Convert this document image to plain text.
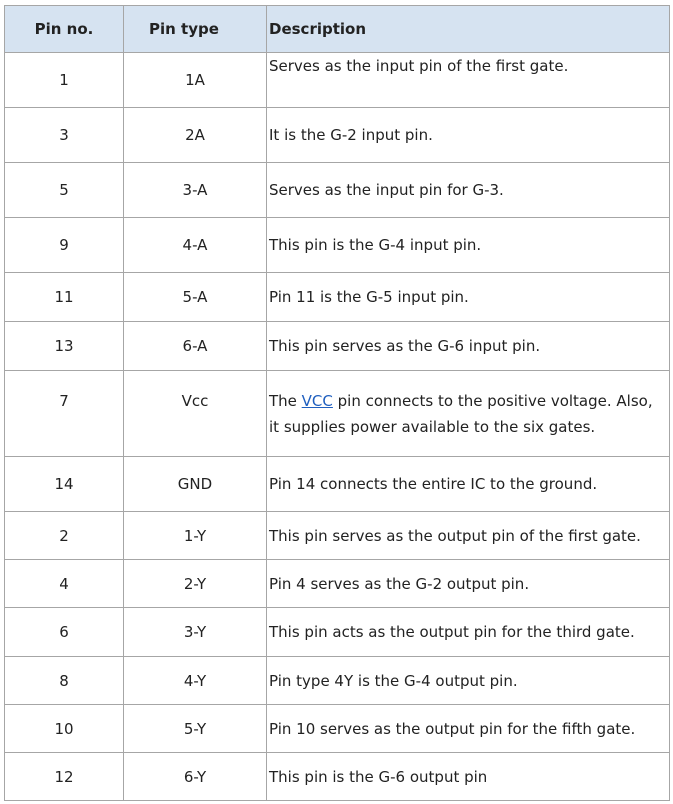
Pin no.	Pin type	Description
1	1A	Serves as the input pin of the first gate.
3	2A	It is the G-2 input pin.
5	3-A	Serves as the input pin for G-3.
9	4-A	This pin is the G-4 input pin.
11	5-A	Pin 11 is the G-5 input pin.
13	6-A	This pin serves as the G-6 input pin.
7	Vcc	The VCC pin connects to the positive voltage. Also, it supplies power available to the six gates.
14	GND	Pin 14 connects the entire IC to the ground.
2	1-Y	This pin serves as the output pin of the first gate.
4	2-Y	Pin 4 serves as the G-2 output pin.
6	3-Y	This pin acts as the output pin for the third gate.
8	4-Y	Pin type 4Y is the G-4 output pin.
10	5-Y	Pin 10 serves as the output pin for the fifth gate.
12	6-Y	This pin is the G-6 output pin
